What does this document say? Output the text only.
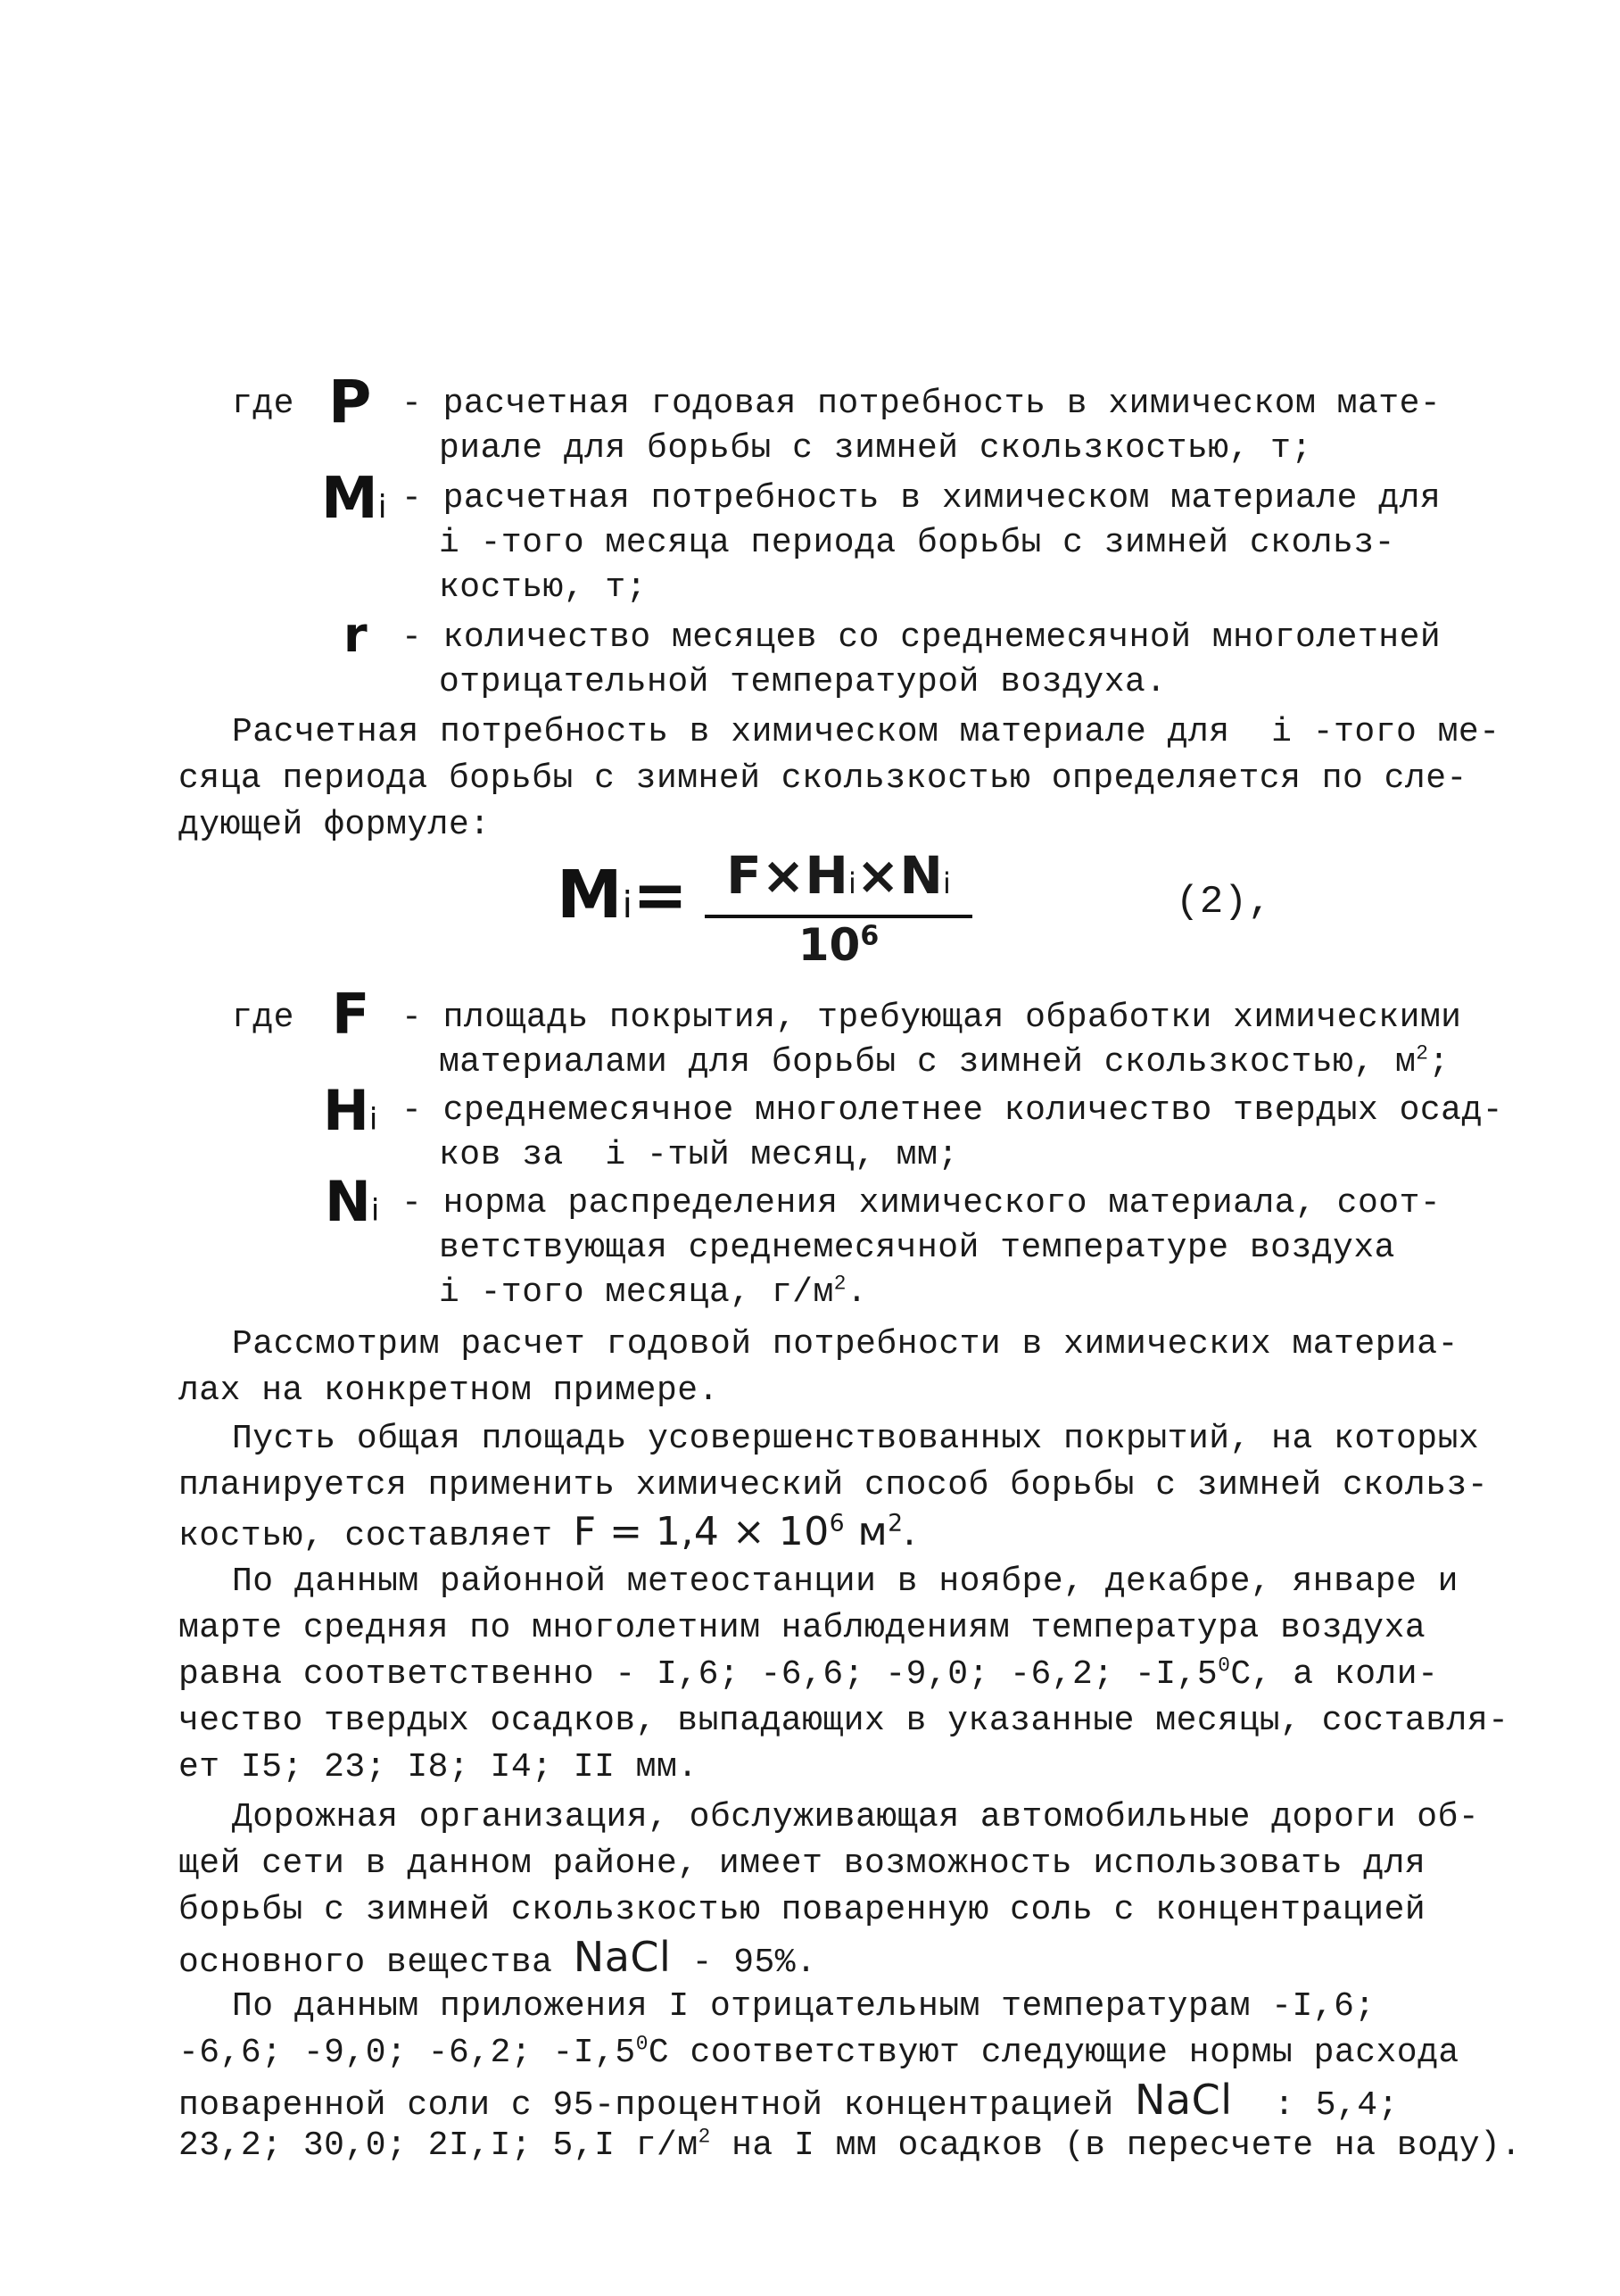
где P - расчетная годовая потребность в химическом мате-
риале для борьбы с зимней скользкостью, т;
Mi - расчетная потребность в химическом материале для
i -того месяца периода борьбы с зимней скольз-
костью, т;
r - количество месяцев со среднемесячной многолетней
отрицательной температурой воздуха.
Расчетная потребность в химическом материале для  i -того ме-
сяца периода борьбы с зимней скользкостью определяется по сле-
дующей формуле:
Mi= F×Hi×Ni
$10^6$
(2),
где F - площадь покрытия, требующая обработки химическими
материалами для борьбы с зимней скользкостью, $м^2$;
Hi - среднемесячное многолетнее количество твердых осад-
ков за  i -тый месяц, мм;
Ni - норма распределения химического материала, соот-
ветствующая среднемесячной температуре воздуха
i -того месяца, $г/м^2$.
Рассмотрим расчет годовой потребности в химических материа-
лах на конкретном примере.
Пусть общая площадь усовершенствованных покрытий, на которых
планируется применить химический способ борьбы с зимней скольз-
костью, составляет $F = 1,4 \times 10^6$ $м^2$.
По данным районной метеостанции в ноябре, декабре, январе и
марте средняя по многолетним наблюдениям температура воздуха
равна соответственно - I,6; -6,6; -9,0; -6,2; $-I,5^0С$, а коли-
чество твердых осадков, выпадающих в указанные месяцы, составля-
ет I5; 23; I8; I4; II мм.
Дорожная организация, обслуживающая автомобильные дороги об-
щей сети в данном районе, имеет возможность использовать для
борьбы с зимней скользкостью поваренную соль с концентрацией
основного вещества NaCl - 95%.
По данным приложения I отрицательным температурам -I,6;
-6,6; -9,0; -6,2; $-I,5^0С$ соответствуют следующие нормы расхода
поваренной соли с 95-процентной концентрацией NaCl  : 5,4;
23,2; 30,0; 2I,I; 5,I $г/м^2$ на I мм осадков (в пересчете на воду).
